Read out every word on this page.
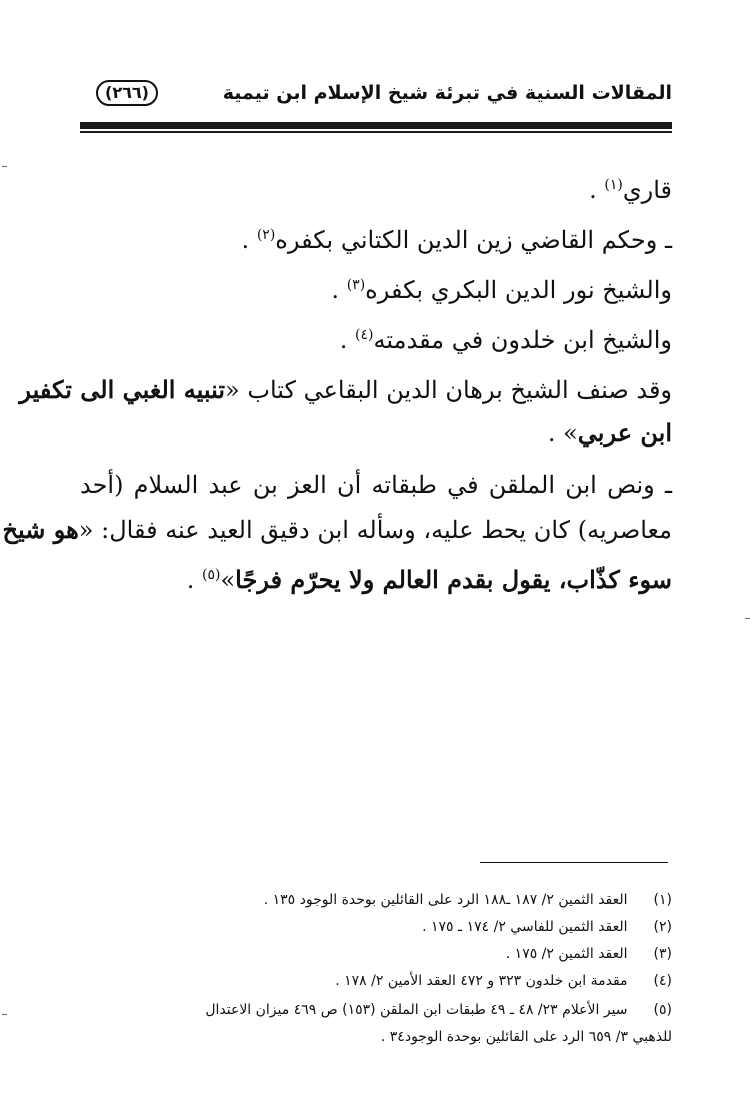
المقالات السنية في تبرئة شيخ الإسلام ابن تيمية
(٢٦٦)
قاري$^{(١)}$ .
ـ وحكم القاضي زين الدين الكتاني بكفره$^{(٢)}$ .
والشيخ نور الدين البكري بكفره$^{(٣)}$ .
والشيخ ابن خلدون في مقدمته$^{(٤)}$ .
وقد صنف الشيخ برهان الدين البقاعي كتاب «تنبيه الغبي الى تكفير
ابن عربي» .
ـ ونص ابن الملقن في طبقاته أن العز بن عبد السلام (أحد
معاصريه) كان يحط عليه، وسأله ابن دقيق العيد عنه فقال: «هو شيخ
سوء كذّاب، يقول بقدم العالم ولا يحرّم فرجًا»$^{(٥)}$ .
(١) العقد الثمين ٢/ ١٨٧ ـ١٨٨ الرد على القائلين بوحدة الوجود ١٣٥ .
(٢) العقد الثمين للفاسي ٢/ ١٧٤ ـ ١٧٥ .
(٣) العقد الثمين ٢/ ١٧٥ .
(٤) مقدمة ابن خلدون ٣٢٣ و ٤٧٢ العقد الأمين ٢/ ١٧٨ .
(٥) سير الأعلام ٢٣/ ٤٨ ـ ٤٩ طبقات ابن الملقن (١٥٣) ص ٤٦٩ ميزان الاعتدال
للذهبي ٣/ ٦٥٩ الرد على القائلين بوحدة الوجود٣٤ .
